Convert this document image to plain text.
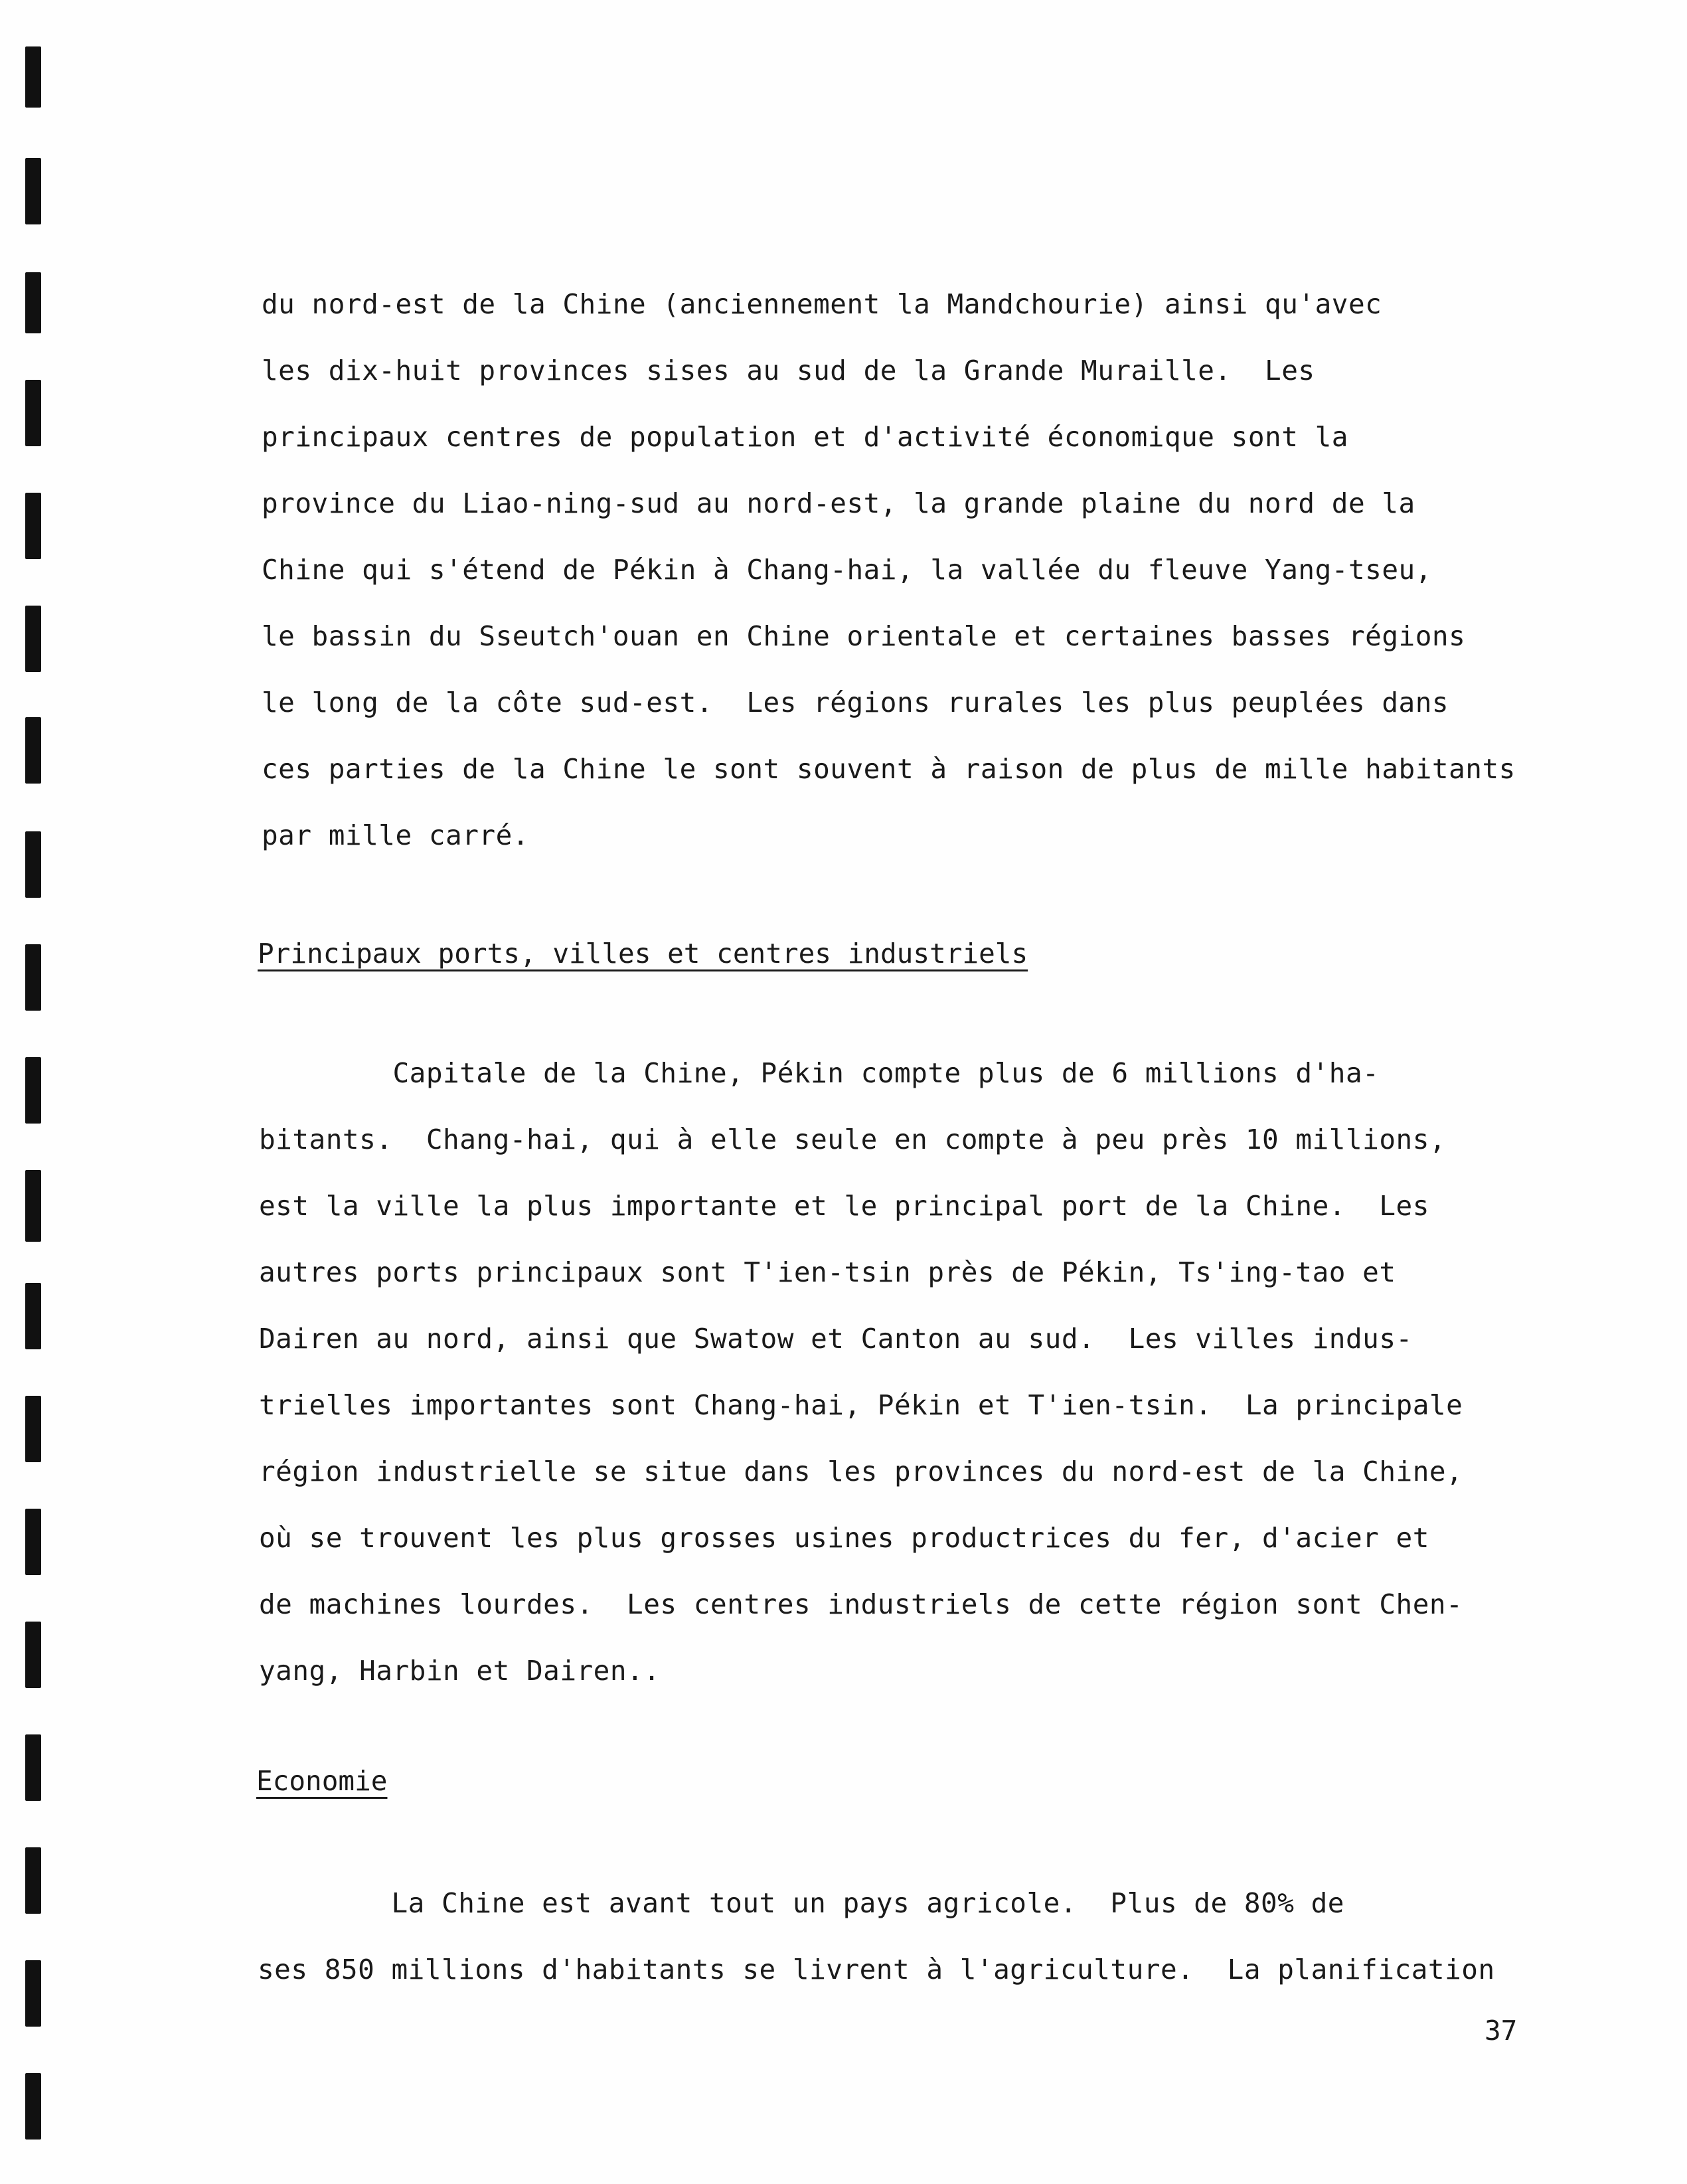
du nord-est de la Chine (anciennement la Mandchourie) ainsi qu'avec
les dix-huit provinces sises au sud de la Grande Muraille.  Les
principaux centres de population et d'activité économique sont la
province du Liao-ning-sud au nord-est, la grande plaine du nord de la
Chine qui s'étend de Pékin à Chang-hai, la vallée du fleuve Yang-tseu,
le bassin du Sseutch'ouan en Chine orientale et certaines basses régions
le long de la côte sud-est.  Les régions rurales les plus peuplées dans
ces parties de la Chine le sont souvent à raison de plus de mille habitants
par mille carré.
Principaux ports, villes et centres industriels
Capitale de la Chine, Pékin compte plus de 6 millions d'ha-
bitants.  Chang-hai, qui à elle seule en compte à peu près 10 millions,
est la ville la plus importante et le principal port de la Chine.  Les
autres ports principaux sont T'ien-tsin près de Pékin, Ts'ing-tao et
Dairen au nord, ainsi que Swatow et Canton au sud.  Les villes indus-
trielles importantes sont Chang-hai, Pékin et T'ien-tsin.  La principale
région industrielle se situe dans les provinces du nord-est de la Chine,
où se trouvent les plus grosses usines productrices du fer, d'acier et
de machines lourdes.  Les centres industriels de cette région sont Chen-
yang, Harbin et Dairen..
Economie
La Chine est avant tout un pays agricole.  Plus de 80% de
ses 850 millions d'habitants se livrent à l'agriculture.  La planification
37
